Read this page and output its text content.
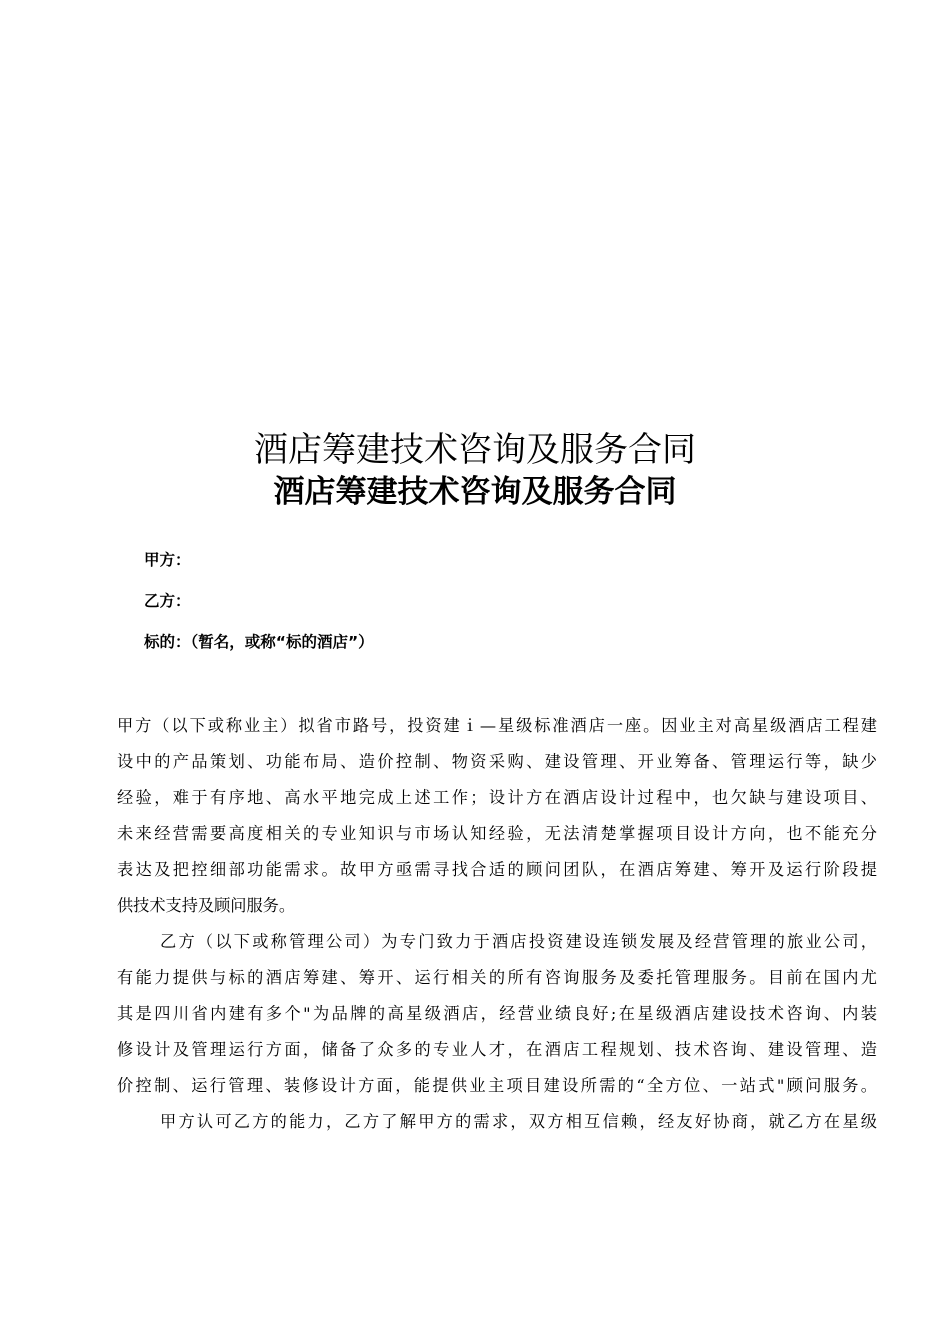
酒店筹建技术咨询及服务合同
酒店筹建技术咨询及服务合同
甲方：
乙方：
标的：（暂名，或称“标的酒店”）
甲方（以下或称业主）拟省市路号，投资建ｉ—星级标准酒店一座。因业主对高星级酒店工程建
设中的产品策划、功能布局、造价控制、物资采购、建设管理、开业筹备、管理运行等，缺少
经验，难于有序地、高水平地完成上述工作；设计方在酒店设计过程中，也欠缺与建设项目、
未来经营需要高度相关的专业知识与市场认知经验，无法清楚掌握项目设计方向，也不能充分
表达及把控细部功能需求。故甲方亟需寻找合适的顾问团队，在酒店筹建、筹开及运行阶段提
供技术支持及顾问服务。
乙方（以下或称管理公司）为专门致力于酒店投资建设连锁发展及经营管理的旅业公司，
有能力提供与标的酒店筹建、筹开、运行相关的所有咨询服务及委托管理服务。目前在国内尤
其是四川省内建有多个"为品牌的高星级酒店，经营业绩良好;在星级酒店建设技术咨询、内装
修设计及管理运行方面，储备了众多的专业人才，在酒店工程规划、技术咨询、建设管理、造
价控制、运行管理、装修设计方面，能提供业主项目建设所需的“全方位、一站式"顾问服务。
甲方认可乙方的能力，乙方了解甲方的需求，双方相互信赖，经友好协商，就乙方在星级
